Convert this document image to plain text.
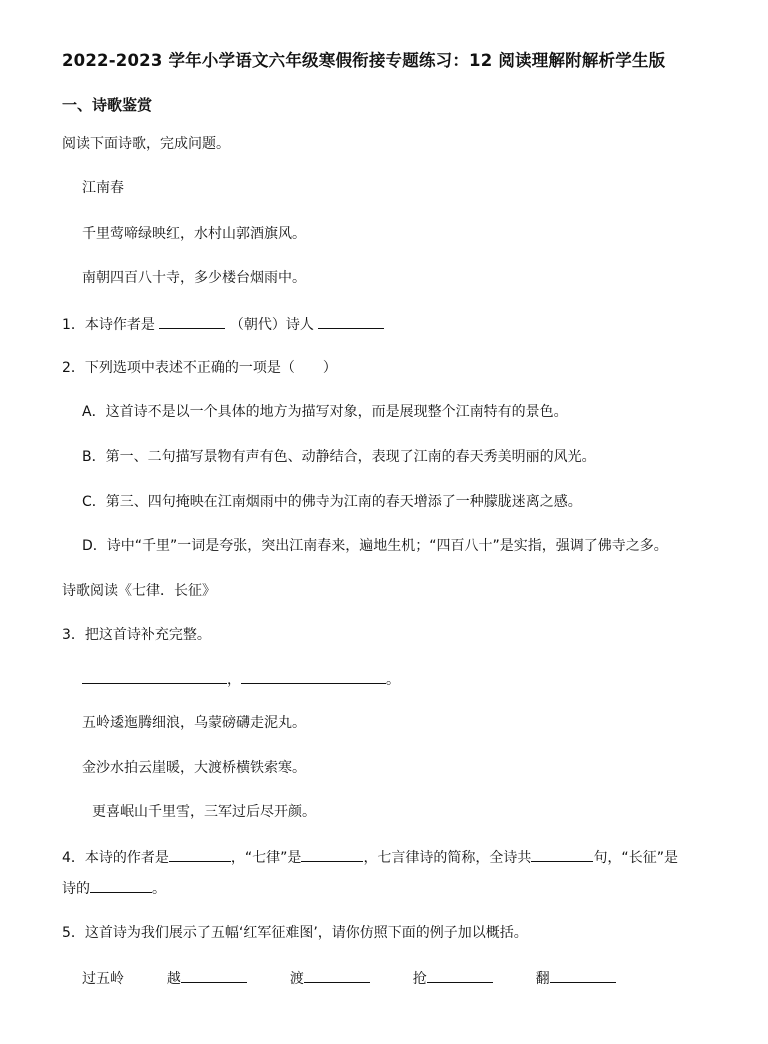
2022-2023 学年小学语文六年级寒假衔接专题练习：12 阅读理解附解析学生版
一、诗歌鉴赏
阅读下面诗歌，完成问题。
江南春
千里莺啼绿映红，水村山郭酒旗风。
南朝四百八十寺，多少楼台烟雨中。
1．本诗作者是	（朝代）诗人
2．下列选项中表述不正确的一项是（　　）
A．这首诗不是以一个具体的地方为描写对象，而是展现整个江南特有的景色。
B．第一、二句描写景物有声有色、动静结合，表现了江南的春天秀美明丽的风光。
C．第三、四句掩映在江南烟雨中的佛寺为江南的春天增添了一种朦胧迷离之感。
D．诗中“千里”一词是夸张，突出江南春来，遍地生机；“四百八十”是实指，强调了佛寺之多。
诗歌阅读《七律．长征》
3．把这首诗补充完整。
，	。
五岭逶迤腾细浪，乌蒙磅礴走泥丸。
金沙水拍云崖暖，大渡桥横铁索寒。
更喜岷山千里雪，三军过后尽开颜。
4．本诗的作者是	，“七律”是	，七言律诗的简称，全诗共	句，“长征”是
诗的	。
5．这首诗为我们展示了五幅‘红军征难图’，请你仿照下面的例子加以概括。
过五岭	越	渡	抢	翻
